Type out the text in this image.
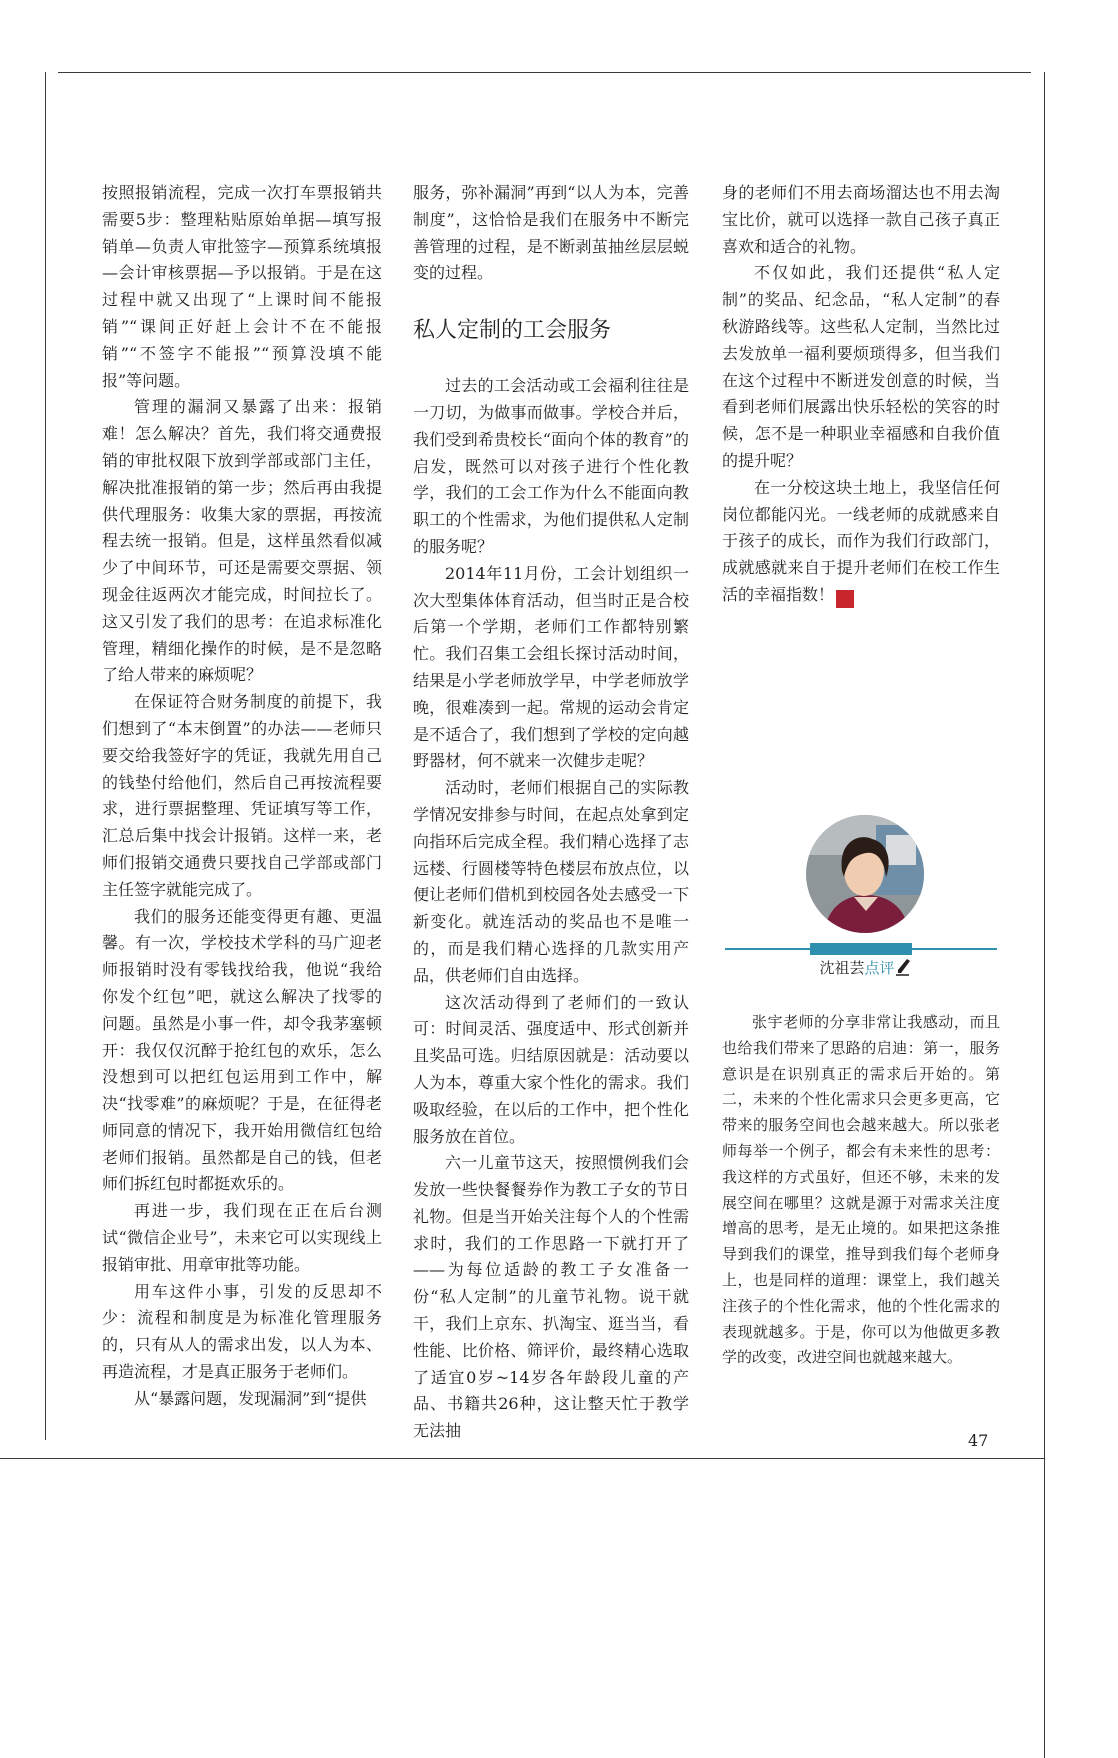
按照报销流程，完成一次打车票报销共需要5步：整理粘贴原始单据—填写报销单—负责人审批签字—预算系统填报—会计审核票据—予以报销。于是在这过程中就又出现了“上课时间不能报销”“课间正好赶上会计不在不能报销”“不签字不能报”“预算没填不能报”等问题。

管理的漏洞又暴露了出来：报销难！怎么解决？首先，我们将交通费报销的审批权限下放到学部或部门主任，解决批准报销的第一步；然后再由我提供代理服务：收集大家的票据，再按流程去统一报销。但是，这样虽然看似减少了中间环节，可还是需要交票据、领现金往返两次才能完成，时间拉长了。这又引发了我们的思考：在追求标准化管理，精细化操作的时候，是不是忽略了给人带来的麻烦呢？

在保证符合财务制度的前提下，我们想到了“本末倒置”的办法——老师只要交给我签好字的凭证，我就先用自己的钱垫付给他们，然后自己再按流程要求，进行票据整理、凭证填写等工作，汇总后集中找会计报销。这样一来，老师们报销交通费只要找自己学部或部门主任签字就能完成了。

我们的服务还能变得更有趣、更温馨。有一次，学校技术学科的马广迎老师报销时没有零钱找给我，他说“我给你发个红包”吧，就这么解决了找零的问题。虽然是小事一件，却令我茅塞顿开：我仅仅沉醉于抢红包的欢乐，怎么没想到可以把红包运用到工作中，解决“找零难”的麻烦呢？于是，在征得老师同意的情况下，我开始用微信红包给老师们报销。虽然都是自己的钱，但老师们拆红包时都挺欢乐的。

再进一步，我们现在正在后台测试“微信企业号”，未来它可以实现线上报销审批、用章审批等功能。

用车这件小事，引发的反思却不少：流程和制度是为标准化管理服务的，只有从人的需求出发，以人为本、再造流程，才是真正服务于老师们。

从“暴露问题，发现漏洞”到“提供

服务，弥补漏洞”再到“以人为本，完善制度”，这恰恰是我们在服务中不断完善管理的过程，是不断剥茧抽丝层层蜕变的过程。

私人定制的工会服务

过去的工会活动或工会福利往往是一刀切，为做事而做事。学校合并后，我们受到希贵校长“面向个体的教育”的启发，既然可以对孩子进行个性化教学，我们的工会工作为什么不能面向教职工的个性需求，为他们提供私人定制的服务呢？

2014年11月份，工会计划组织一次大型集体体育活动，但当时正是合校后第一个学期，老师们工作都特别繁忙。我们召集工会组长探讨活动时间，结果是小学老师放学早，中学老师放学晚，很难凑到一起。常规的运动会肯定是不适合了，我们想到了学校的定向越野器材，何不就来一次健步走呢？

活动时，老师们根据自己的实际教学情况安排参与时间，在起点处拿到定向指环后完成全程。我们精心选择了志远楼、行圆楼等特色楼层布放点位，以便让老师们借机到校园各处去感受一下新变化。就连活动的奖品也不是唯一的，而是我们精心选择的几款实用产品，供老师们自由选择。

这次活动得到了老师们的一致认可：时间灵活、强度适中、形式创新并且奖品可选。归结原因就是：活动要以人为本，尊重大家个性化的需求。我们吸取经验，在以后的工作中，把个性化服务放在首位。

六一儿童节这天，按照惯例我们会发放一些快餐餐券作为教工子女的节日礼物。但是当开始关注每个人的个性需求时，我们的工作思路一下就打开了——为每位适龄的教工子女准备一份“私人定制”的儿童节礼物。说干就干，我们上京东、扒淘宝、逛当当，看性能、比价格、筛评价，最终精心选取了适宜0岁~14岁各年龄段儿童的产品、书籍共26种，这让整天忙于教学无法抽

身的老师们不用去商场溜达也不用去淘宝比价，就可以选择一款自己孩子真正喜欢和适合的礼物。

不仅如此，我们还提供“私人定制”的奖品、纪念品，“私人定制”的春秋游路线等。这些私人定制，当然比过去发放单一福利要烦琐得多，但当我们在这个过程中不断迸发创意的时候，当看到老师们展露出快乐轻松的笑容的时候，怎不是一种职业幸福感和自我价值的提升呢？

在一分校这块土地上，我坚信任何岗位都能闪光。一线老师的成就感来自于孩子的成长，而作为我们行政部门，成就感就来自于提升老师们在校工作生活的幸福指数！	家

沈祖芸点评

张宇老师的分享非常让我感动，而且也给我们带来了思路的启迪：第一，服务意识是在识别真正的需求后开始的。第二，未来的个性化需求只会更多更高，它带来的服务空间也会越来越大。所以张老师每举一个例子，都会有未来性的思考：我这样的方式虽好，但还不够，未来的发展空间在哪里？这就是源于对需求关注度增高的思考，是无止境的。如果把这条推导到我们的课堂，推导到我们每个老师身上，也是同样的道理：课堂上，我们越关注孩子的个性化需求，他的个性化需求的表现就越多。于是，你可以为他做更多教学的改变，改进空间也就越来越大。

47
